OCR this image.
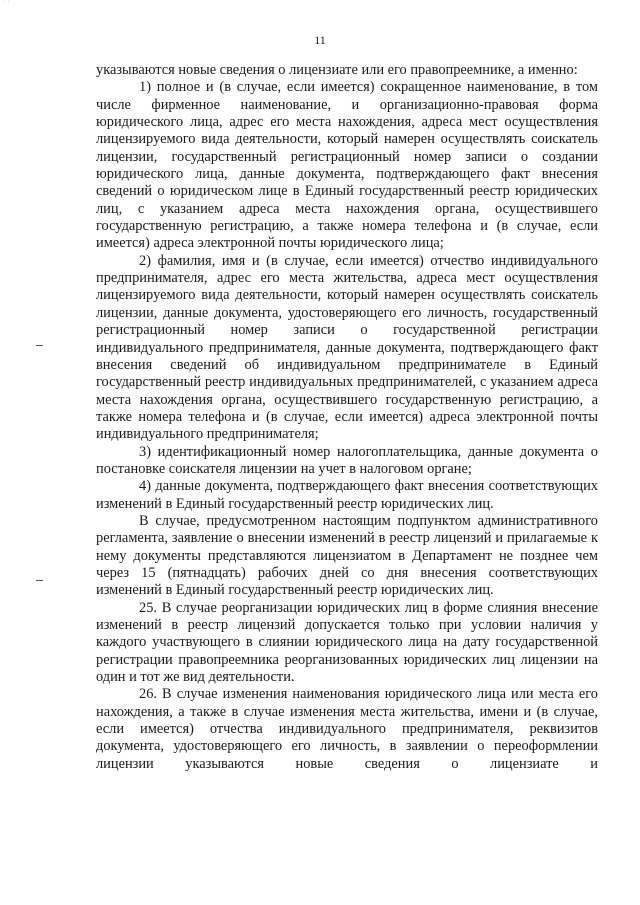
· ·
11

указываются новые сведения о лицензиате или его правопреемнике, а именно:

1) полное и (в случае, если имеется) сокращенное наименование, в том числе фирменное наименование, и организационно-правовая форма юридического лица, адрес его места нахождения, адреса мест осуществления лицензируемого вида деятельности, который намерен осуществлять соискатель лицензии, государственный регистрационный номер записи о создании юридического лица, данные документа, подтверждающего факт внесения сведений о юридическом лице в Единый государственный реестр юридических лиц, с указанием адреса места нахождения органа, осуществившего государственную регистрацию, а также номера телефона и (в случае, если имеется) адреса электронной почты юридического лица;

2) фамилия, имя и (в случае, если имеется) отчество индивидуального предпринимателя, адрес его места жительства, адреса мест осуществления лицензируемого вида деятельности, который намерен осуществлять соискатель лицензии, данные документа, удостоверяющего его личность, государственный регистрационный номер записи о государственной регистрации индивидуального предпринимателя, данные документа, подтверждающего факт внесения сведений об индивидуальном предпринимателе в Единый государственный реестр индивидуальных предпринимателей, с указанием адреса места нахождения органа, осуществившего государственную регистрацию, а также номера телефона и (в случае, если имеется) адреса электронной почты индивидуального предпринимателя;

3) идентификационный номер налогоплательщика, данные документа о постановке соискателя лицензии на учет в налоговом органе;

4) данные документа, подтверждающего факт внесения соответствующих изменений в Единый государственный реестр юридических лиц.

В случае, предусмотренном настоящим подпунктом административного регламента, заявление о внесении изменений в реестр лицензий и прилагаемые к нему документы представляются лицензиатом в Департамент не позднее чем через 15 (пятнадцать) рабочих дней со дня внесения соответствующих изменений в Единый государственный реестр юридических лиц.

25. В случае реорганизации юридических лиц в форме слияния внесение изменений в реестр лицензий допускается только при условии наличия у каждого участвующего в слиянии юридического лица на дату государственной регистрации правопреемника реорганизованных юридических лиц лицензии на один и тот же вид деятельности.

26. В случае изменения наименования юридического лица или места его нахождения, а также в случае изменения места жительства, имени и (в случае, если имеется) отчества индивидуального предпринимателя, реквизитов документа, удостоверяющего его личность, в заявлении о переоформлении лицензии указываются новые сведения о лицензиате и
